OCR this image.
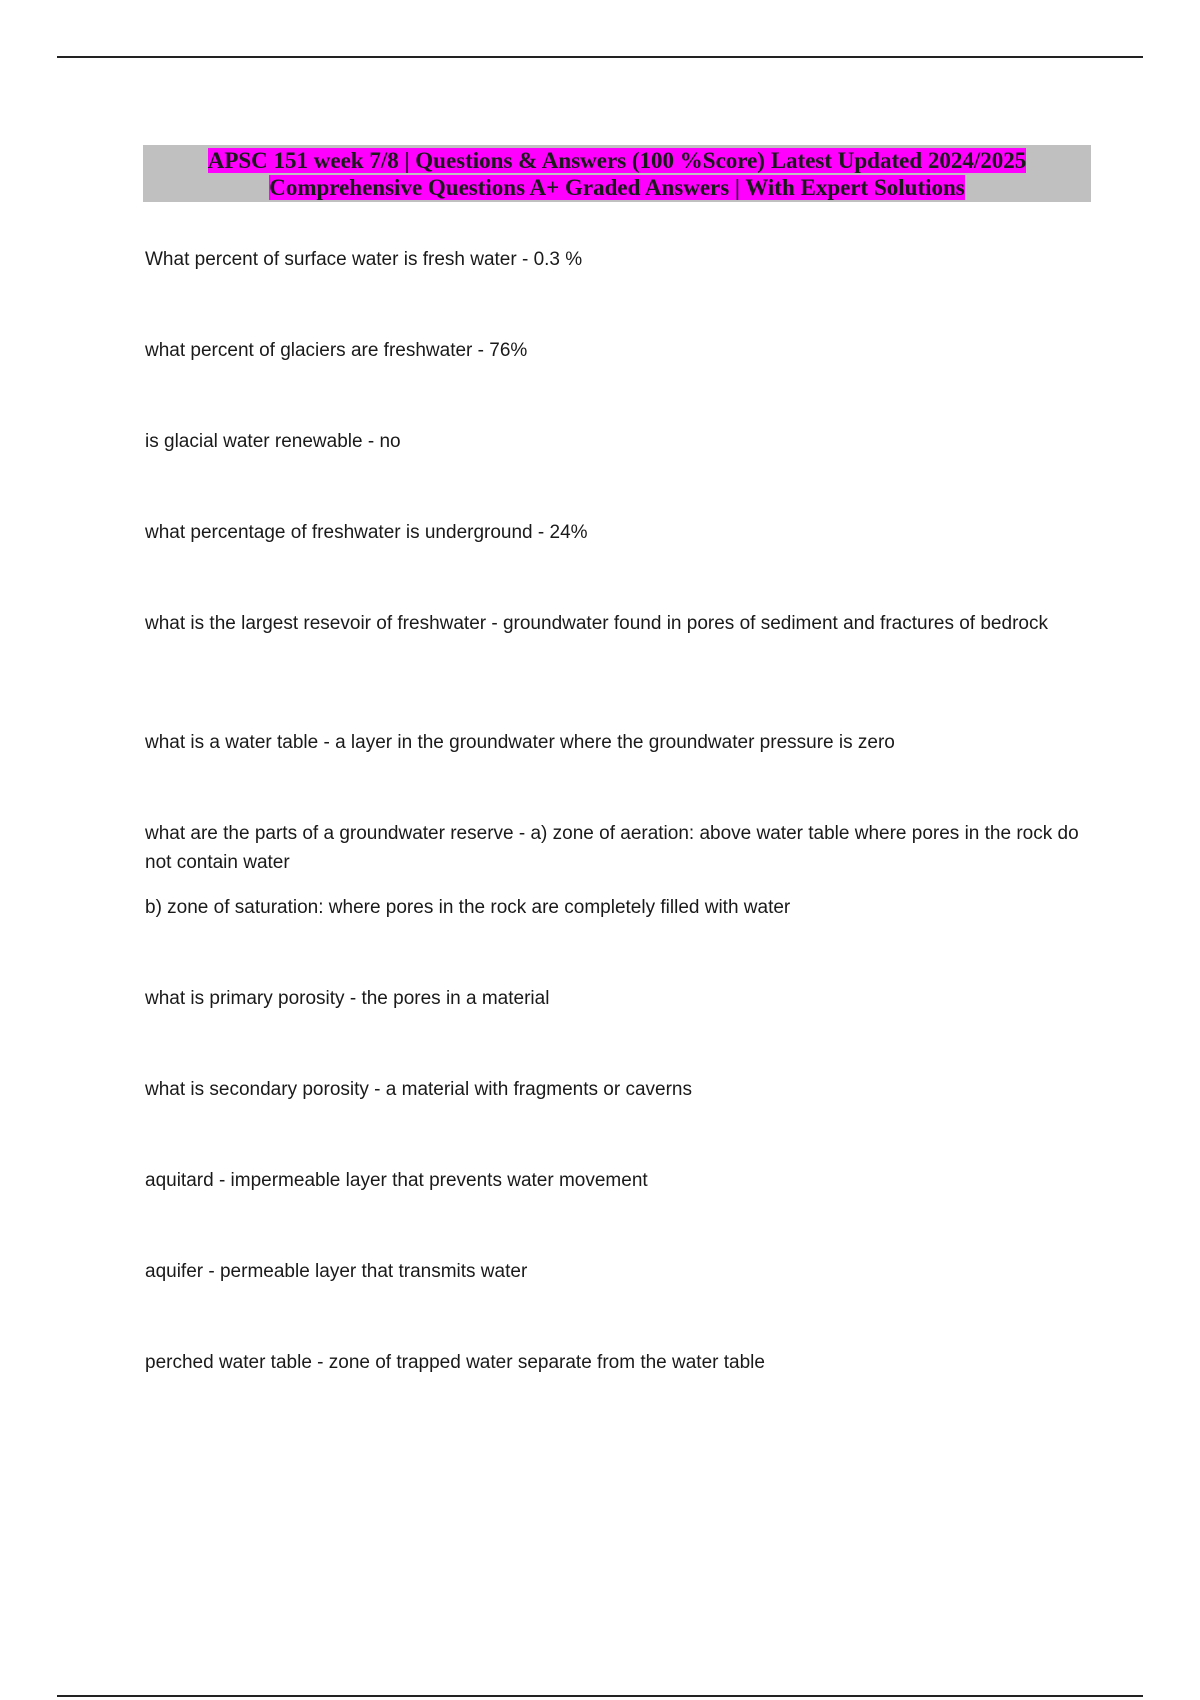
APSC 151 week 7/8 | Questions & Answers (100 %Score) Latest Updated 2024/2025
Comprehensive Questions A+ Graded Answers | With Expert Solutions

What percent of surface water is fresh water - 0.3 %

what percent of glaciers are freshwater - 76%

is glacial water renewable - no

what percentage of freshwater is underground - 24%

what is the largest resevoir of freshwater - groundwater found in pores of sediment and fractures of bedrock

what is a water table - a layer in the groundwater where the groundwater pressure is zero

what are the parts of a groundwater reserve - a) zone of aeration: above water table where pores in the rock do not contain water

b) zone of saturation: where pores in the rock are completely filled with water

what is primary porosity - the pores in a material

what is secondary porosity - a material with fragments or caverns

aquitard - impermeable layer that prevents water movement

aquifer - permeable layer that transmits water

perched water table - zone of trapped water separate from the water table
